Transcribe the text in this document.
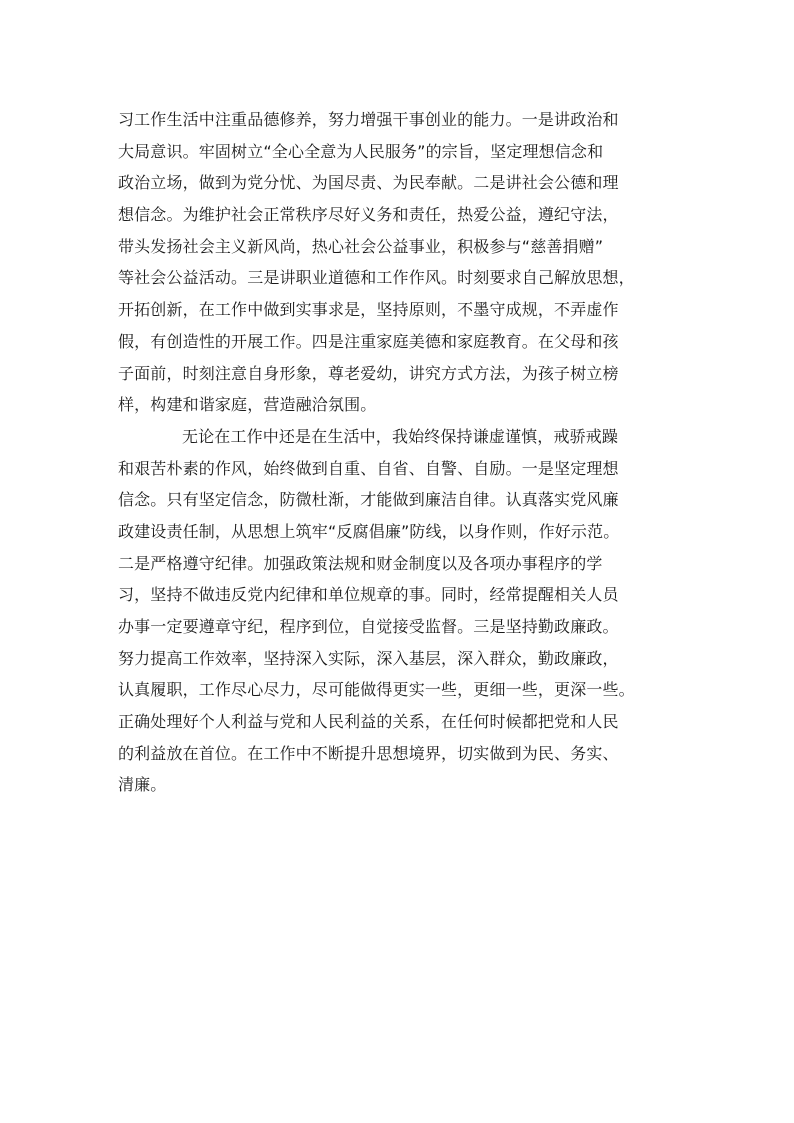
习工作生活中注重品德修养，努力增强干事创业的能力。一是讲政治和
大局意识。牢固树立“全心全意为人民服务”的宗旨，坚定理想信念和
政治立场，做到为党分忧、为国尽责、为民奉献。二是讲社会公德和理
想信念。为维护社会正常秩序尽好义务和责任，热爱公益，遵纪守法，
带头发扬社会主义新风尚，热心社会公益事业，积极参与“慈善捐赠”
等社会公益活动。三是讲职业道德和工作作风。时刻要求自己解放思想，
开拓创新，在工作中做到实事求是，坚持原则，不墨守成规，不弄虚作
假，有创造性的开展工作。四是注重家庭美德和家庭教育。在父母和孩
子面前，时刻注意自身形象，尊老爱幼，讲究方式方法，为孩子树立榜
样，构建和谐家庭，营造融洽氛围。
无论在工作中还是在生活中，我始终保持谦虚谨慎，戒骄戒躁
和艰苦朴素的作风，始终做到自重、自省、自警、自励。一是坚定理想
信念。只有坚定信念，防微杜渐，才能做到廉洁自律。认真落实党风廉
政建设责任制，从思想上筑牢“反腐倡廉”防线，以身作则，作好示范。
二是严格遵守纪律。加强政策法规和财金制度以及各项办事程序的学
习，坚持不做违反党内纪律和单位规章的事。同时，经常提醒相关人员
办事一定要遵章守纪，程序到位，自觉接受监督。三是坚持勤政廉政。
努力提高工作效率，坚持深入实际，深入基层，深入群众，勤政廉政，
认真履职，工作尽心尽力，尽可能做得更实一些，更细一些，更深一些。
正确处理好个人利益与党和人民利益的关系，在任何时候都把党和人民
的利益放在首位。在工作中不断提升思想境界，切实做到为民、务实、
清廉。
